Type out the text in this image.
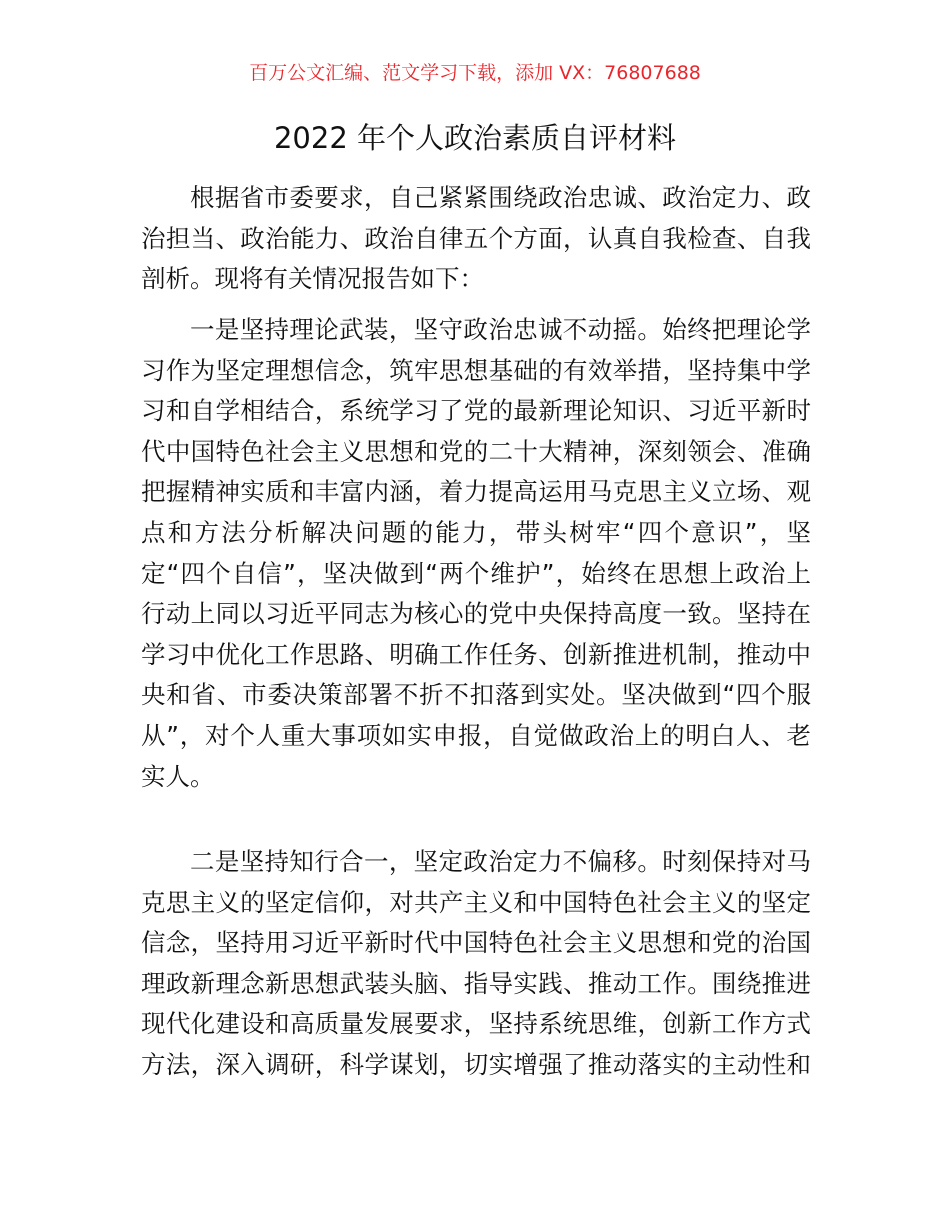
百万公文汇编、范文学习下载，添加 VX：76807688
2022 年个人政治素质自评材料
根据省市委要求，自己紧紧围绕政治忠诚、政治定力、政
治担当、政治能力、政治自律五个方面，认真自我检查、自我
剖析。现将有关情况报告如下：
一是坚持理论武装，坚守政治忠诚不动摇。始终把理论学
习作为坚定理想信念，筑牢思想基础的有效举措，坚持集中学
习和自学相结合，系统学习了党的最新理论知识、习近平新时
代中国特色社会主义思想和党的二十大精神，深刻领会、准确
把握精神实质和丰富内涵，着力提高运用马克思主义立场、观
点和方法分析解决问题的能力，带头树牢“四个意识”，坚
定“四个自信”，坚决做到“两个维护”，始终在思想上政治上
行动上同以习近平同志为核心的党中央保持高度一致。坚持在
学习中优化工作思路、明确工作任务、创新推进机制，推动中
央和省、市委决策部署不折不扣落到实处。坚决做到“四个服
从”，对个人重大事项如实申报，自觉做政治上的明白人、老
实人。
二是坚持知行合一，坚定政治定力不偏移。时刻保持对马
克思主义的坚定信仰，对共产主义和中国特色社会主义的坚定
信念，坚持用习近平新时代中国特色社会主义思想和党的治国
理政新理念新思想武装头脑、指导实践、推动工作。围绕推进
现代化建设和高质量发展要求，坚持系统思维，创新工作方式
方法，深入调研，科学谋划，切实增强了推动落实的主动性和
